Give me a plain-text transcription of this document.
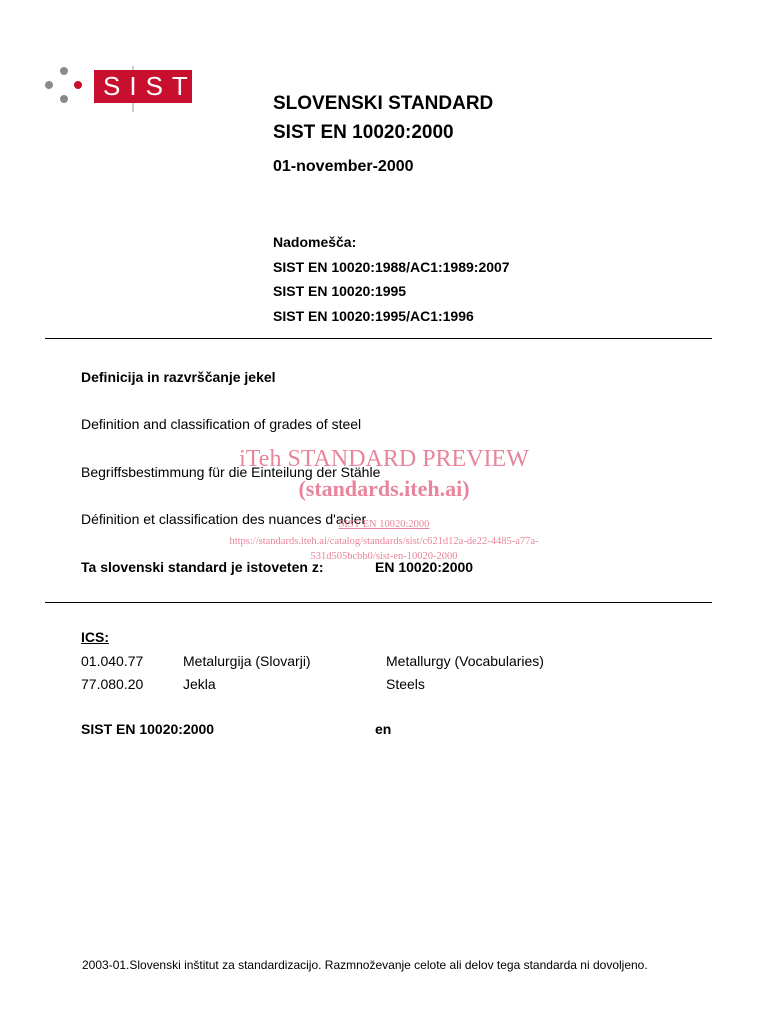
SIST
SLOVENSKI STANDARD
SIST EN 10020:2000
01-november-2000
Nadomešča:
SIST EN 10020:1988/AC1:1989:2007
SIST EN 10020:1995
SIST EN 10020:1995/AC1:1996
Definicija in razvrščanje jekel
Definition and classification of grades of steel
Begriffsbestimmung für die Einteilung der Stähle
Définition et classification des nuances d'acier
iTeh STANDARD PREVIEW
(standards.iteh.ai)
SIST EN 10020:2000
https://standards.iteh.ai/catalog/standards/sist/c621d12a-de22-4485-a77a-
531d505bcbb0/sist-en-10020-2000
Ta slovenski standard je istoveten z:	EN 10020:2000
ICS:
01.040.77	Metalurgija (Slovarji)	Metallurgy (Vocabularies)
77.080.20	Jekla	Steels
SIST EN 10020:2000	en
2003-01.Slovenski inštitut za standardizacijo. Razmnoževanje celote ali delov tega standarda ni dovoljeno.
